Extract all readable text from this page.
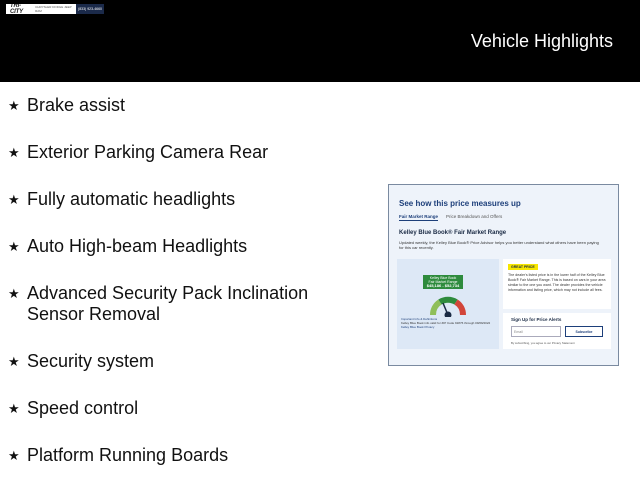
TRI-CITY
CHRYSLER DODGE JEEP RAM	(833) 923-4660
Vehicle Highlights
★ Brake assist
★ Exterior Parking Camera Rear
★ Fully automatic headlights
★ Auto High-beam Headlights
★ Advanced Security Pack Inclination Sensor Removal
★ Security system
★ Speed control
★ Platform Running Boards
See how this price measures up
Fair Market Range Price Breakdown and Offers
Kelley Blue Book® Fair Market Range
Updated weekly, the Kelley Blue Book® Price Advisor helps you better understand what others have been paying for this car recently.
Kelley Blue Book
Fair Market Range
$45,186 - $52,734
Important Info & Definitions
Kelley Blue Book info valid for ZIP Code 91876 through 09/09/2022
Kelley Blue Book Privacy
GREAT PRICE
The dealer's listed price is in the lower half of the Kelley Blue Book® Fair Market Range. This is based on cars in your area similar to the one you want. The dealer provides the vehicle information and listing price, which may not include all fees.
Sign Up for Price Alerts
Email	Subscribe
By subscribing, you agree to our Privacy Statement
